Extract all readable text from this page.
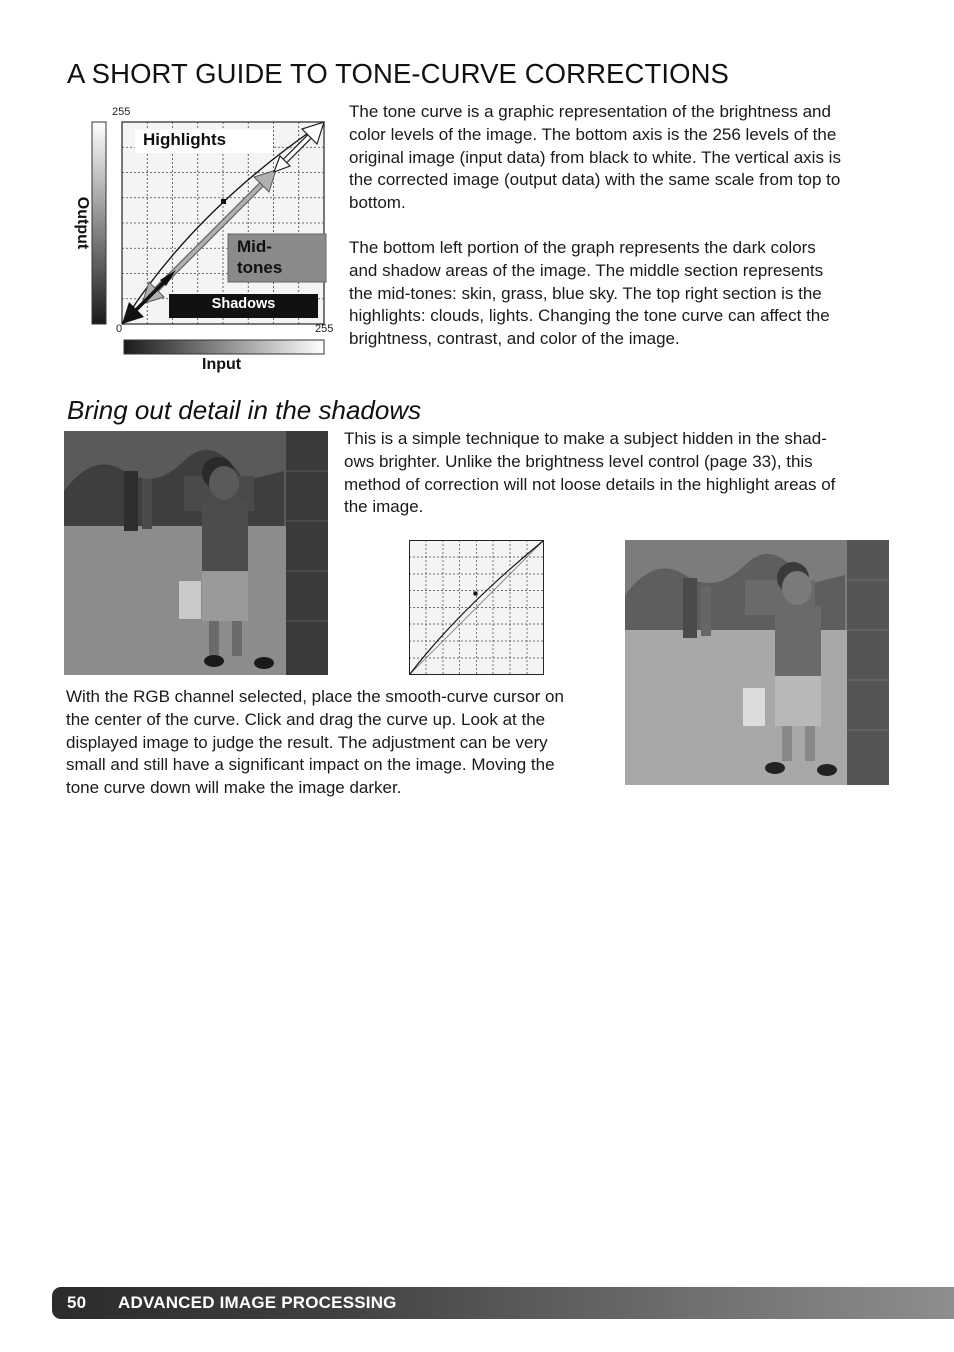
A SHORT GUIDE TO TONE-CURVE CORRECTIONS
255
Highlights
Mid-
tones
Shadows
Output
0	255
Input
The tone curve is a graphic representation of the brightness and
color levels of the image. The bottom axis is the 256 levels of the
original image (input data) from black to white. The vertical axis is
the corrected image (output data) with the same scale from top to
bottom.
The bottom left portion of the graph represents the dark colors
and shadow areas of the image. The middle section represents
the mid-tones: skin, grass, blue sky. The top right section is the
highlights: clouds, lights. Changing the tone curve can affect the
brightness, contrast, and color of the image.
Bring out detail in the shadows
This is a simple technique to make a subject hidden in the shad-
ows brighter. Unlike the brightness level control (page 33), this
method of correction will not loose details in the highlight areas of
the image.
With the RGB channel selected, place the smooth-curve cursor on
the center of the curve. Click and drag the curve up. Look at the
displayed image to judge the result. The adjustment can be very
small and still have a significant impact on the image. Moving the
tone curve down will make the image darker.
50 ADVANCED IMAGE PROCESSING
